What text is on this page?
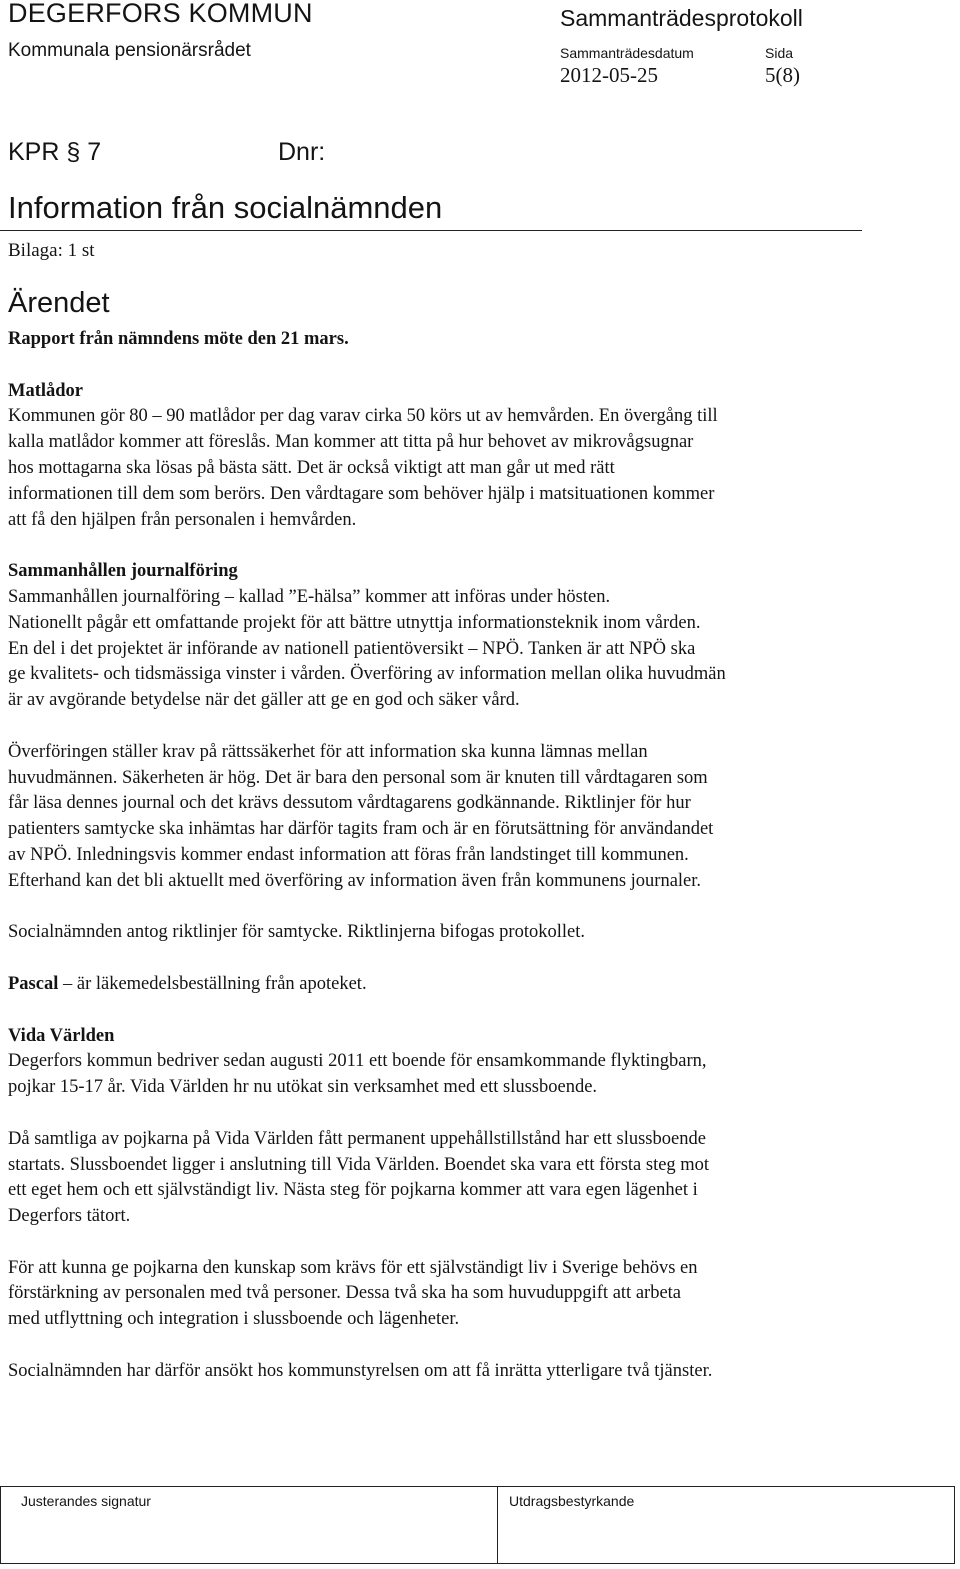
DEGERFORS KOMMUN
Kommunala pensionärsrådet
Sammanträdesprotokoll
Sammanträdesdatum
2012-05-25
Sida
5(8)
KPR § 7	Dnr:
Information från socialnämnden
Bilaga: 1 st
Ärendet
Rapport från nämndens möte den 21 mars.
Matlådor
Kommunen gör 80 – 90 matlådor per dag varav cirka 50 körs ut av hemvården. En övergång till
kalla matlådor kommer att föreslås. Man kommer att titta på hur behovet av mikrovågsugnar
hos mottagarna ska lösas på bästa sätt. Det är också viktigt att man går ut med rätt
informationen till dem som berörs. Den vårdtagare som behöver hjälp i matsituationen kommer
att få den hjälpen från personalen i hemvården.
Sammanhållen journalföring
Sammanhållen journalföring – kallad ”E-hälsa” kommer att införas under hösten.
Nationellt pågår ett omfattande projekt för att bättre utnyttja informationsteknik inom vården.
En del i det projektet är införande av nationell patientöversikt – NPÖ. Tanken är att NPÖ ska
ge kvalitets- och tidsmässiga vinster i vården. Överföring av information mellan olika huvudmän
är av avgörande betydelse när det gäller att ge en god och säker vård.
Överföringen ställer krav på rättssäkerhet för att information ska kunna lämnas mellan
huvudmännen. Säkerheten är hög. Det är bara den personal som är knuten till vårdtagaren som
får läsa dennes journal och det krävs dessutom vårdtagarens godkännande. Riktlinjer för hur
patienters samtycke ska inhämtas har därför tagits fram och är en förutsättning för användandet
av NPÖ. Inledningsvis kommer endast information att föras från landstinget till kommunen.
Efterhand kan det bli aktuellt med överföring av information även från kommunens journaler.
Socialnämnden antog riktlinjer för samtycke. Riktlinjerna bifogas protokollet.
Pascal – är läkemedelsbeställning från apoteket.
Vida Världen
Degerfors kommun bedriver sedan augusti 2011 ett boende för ensamkommande flyktingbarn,
pojkar 15-17 år. Vida Världen hr nu utökat sin verksamhet med ett slussboende.
Då samtliga av pojkarna på Vida Världen fått permanent uppehållstillstånd har ett slussboende
startats. Slussboendet ligger i anslutning till Vida Världen. Boendet ska vara ett första steg mot
ett eget hem och ett självständigt liv. Nästa steg för pojkarna kommer att vara egen lägenhet i
Degerfors tätort.
För att kunna ge pojkarna den kunskap som krävs för ett självständigt liv i Sverige behövs en
förstärkning av personalen med två personer. Dessa två ska ha som huvuduppgift att arbeta
med utflyttning och integration i slussboende och lägenheter.
Socialnämnden har därför ansökt hos kommunstyrelsen om att få inrätta ytterligare två tjänster.
Justerandes signatur	Utdragsbestyrkande
